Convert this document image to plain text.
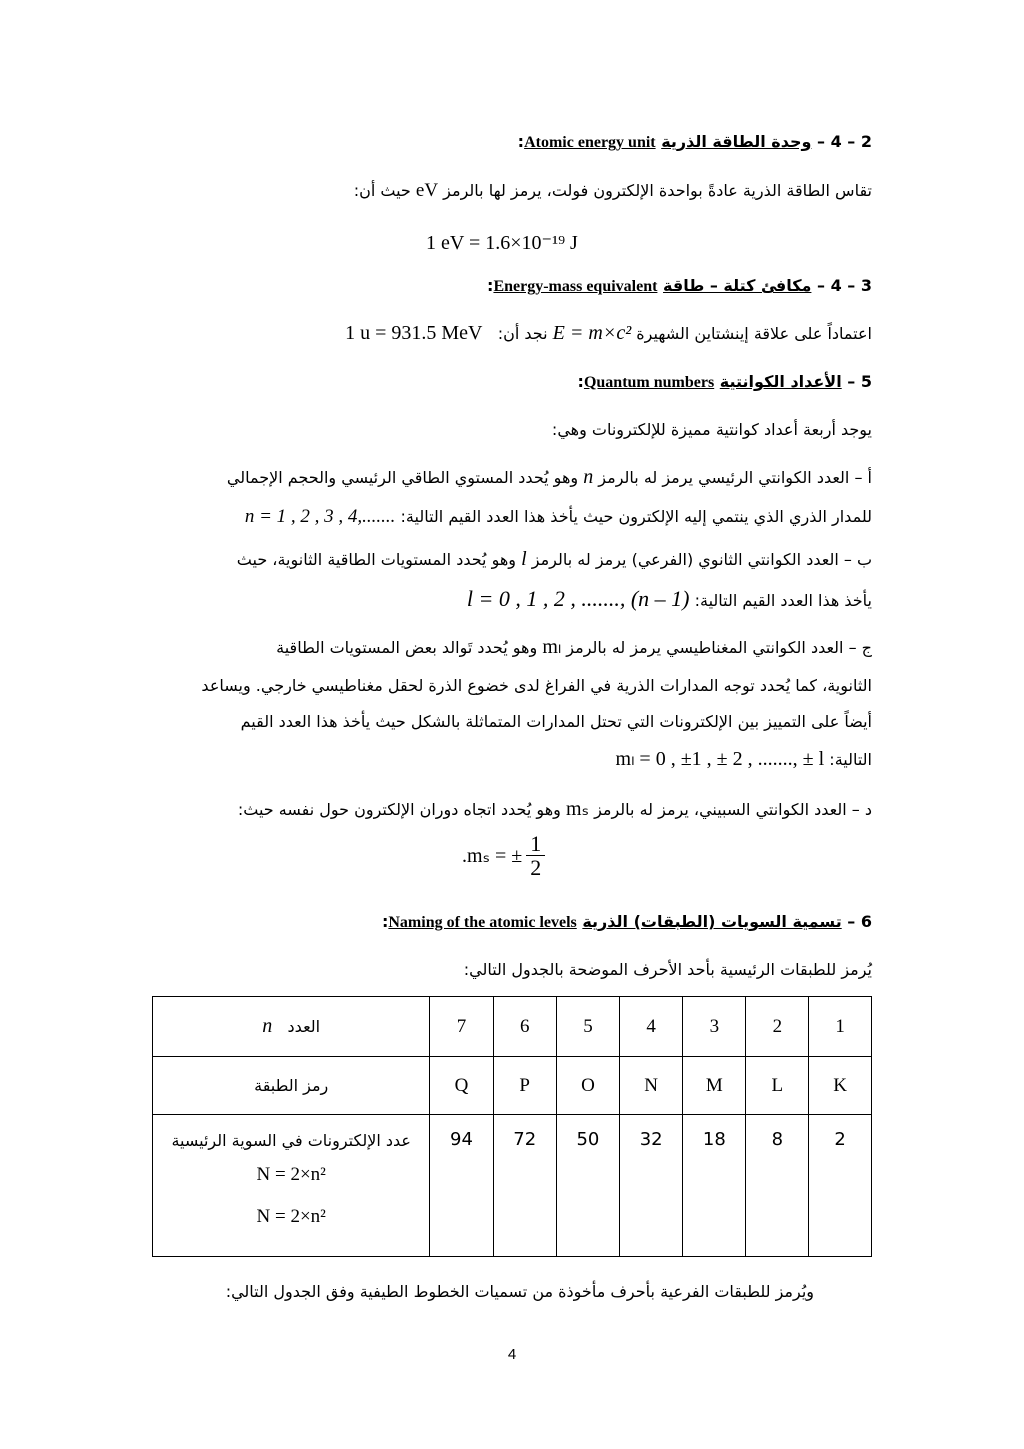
2 – 4 – وحدة الطاقة الذرية Atomic energy unit:
تقاس الطاقة الذرية عادةً بواحدة الإلكترون فولت، يرمز لها بالرمز eV حيث أن:
1 eV = 1.6×10⁻¹⁹ J
3 – 4 – مكافئ كتلة – طاقة Energy-mass equivalent:
اعتماداً على علاقة إينشتاين الشهيرة E = m×c² نجد أن:   1 u = 931.5 MeV
5 – الأعداد الكوانتية Quantum numbers:
يوجد أربعة أعداد كوانتية مميزة للإلكترونات وهي:
أ – العدد الكوانتي الرئيسي يرمز له بالرمز n وهو يُحدد المستوي الطاقي الرئيسي والحجم الإجمالي
للمدار الذري الذي ينتمي إليه الإلكترون حيث يأخذ هذا العدد القيم التالية: n = 1 , 2 , 3 , 4,.......
ب – العدد الكوانتي الثانوي (الفرعي) يرمز له بالرمز l وهو يُحدد المستويات الطاقية الثانوية، حيث
يأخذ هذا العدد القيم التالية: l = 0 , 1 , 2 , ......., (n – 1)
ج – العدد الكوانتي المغناطيسي يرمز له بالرمز mₗ وهو يُحدد تَوالد بعض المستويات الطاقية
الثانوية، كما يُحدد توجه المدارات الذرية في الفراغ لدى خضوع الذرة لحقل مغناطيسي خارجي. ويساعد
أيضاً على التمييز بين الإلكترونات التي تحتل المدارات المتماثلة بالشكل حيث يأخذ هذا العدد القيم
التالية: mₗ = 0 , ±1 , ± 2 , ......., ± l
د – العدد الكوانتي السبيني، يرمز له بالرمز mₛ وهو يُحدد اتجاه دوران الإلكترون حول نفسه حيث:
.mₛ = ± $\frac{1}{2}$
6 – تسمية السويات (الطبقات) الذرية Naming of the atomic levels:
يُرمز للطبقات الرئيسية بأحد الأحرف الموضحة بالجدول التالي:
العدد   n	7	6	5	4	3	2	1
رمز الطبقة	Q	P	O	N	M	L	K

عدد الإلكترونات في السوية الرئيسية
N = 2×n²
N = 2×n²	94	72	50	32	18	8	2
ويُرمز للطبقات الفرعية بأحرف مأخوذة من تسميات الخطوط الطيفية وفق الجدول التالي:
4
